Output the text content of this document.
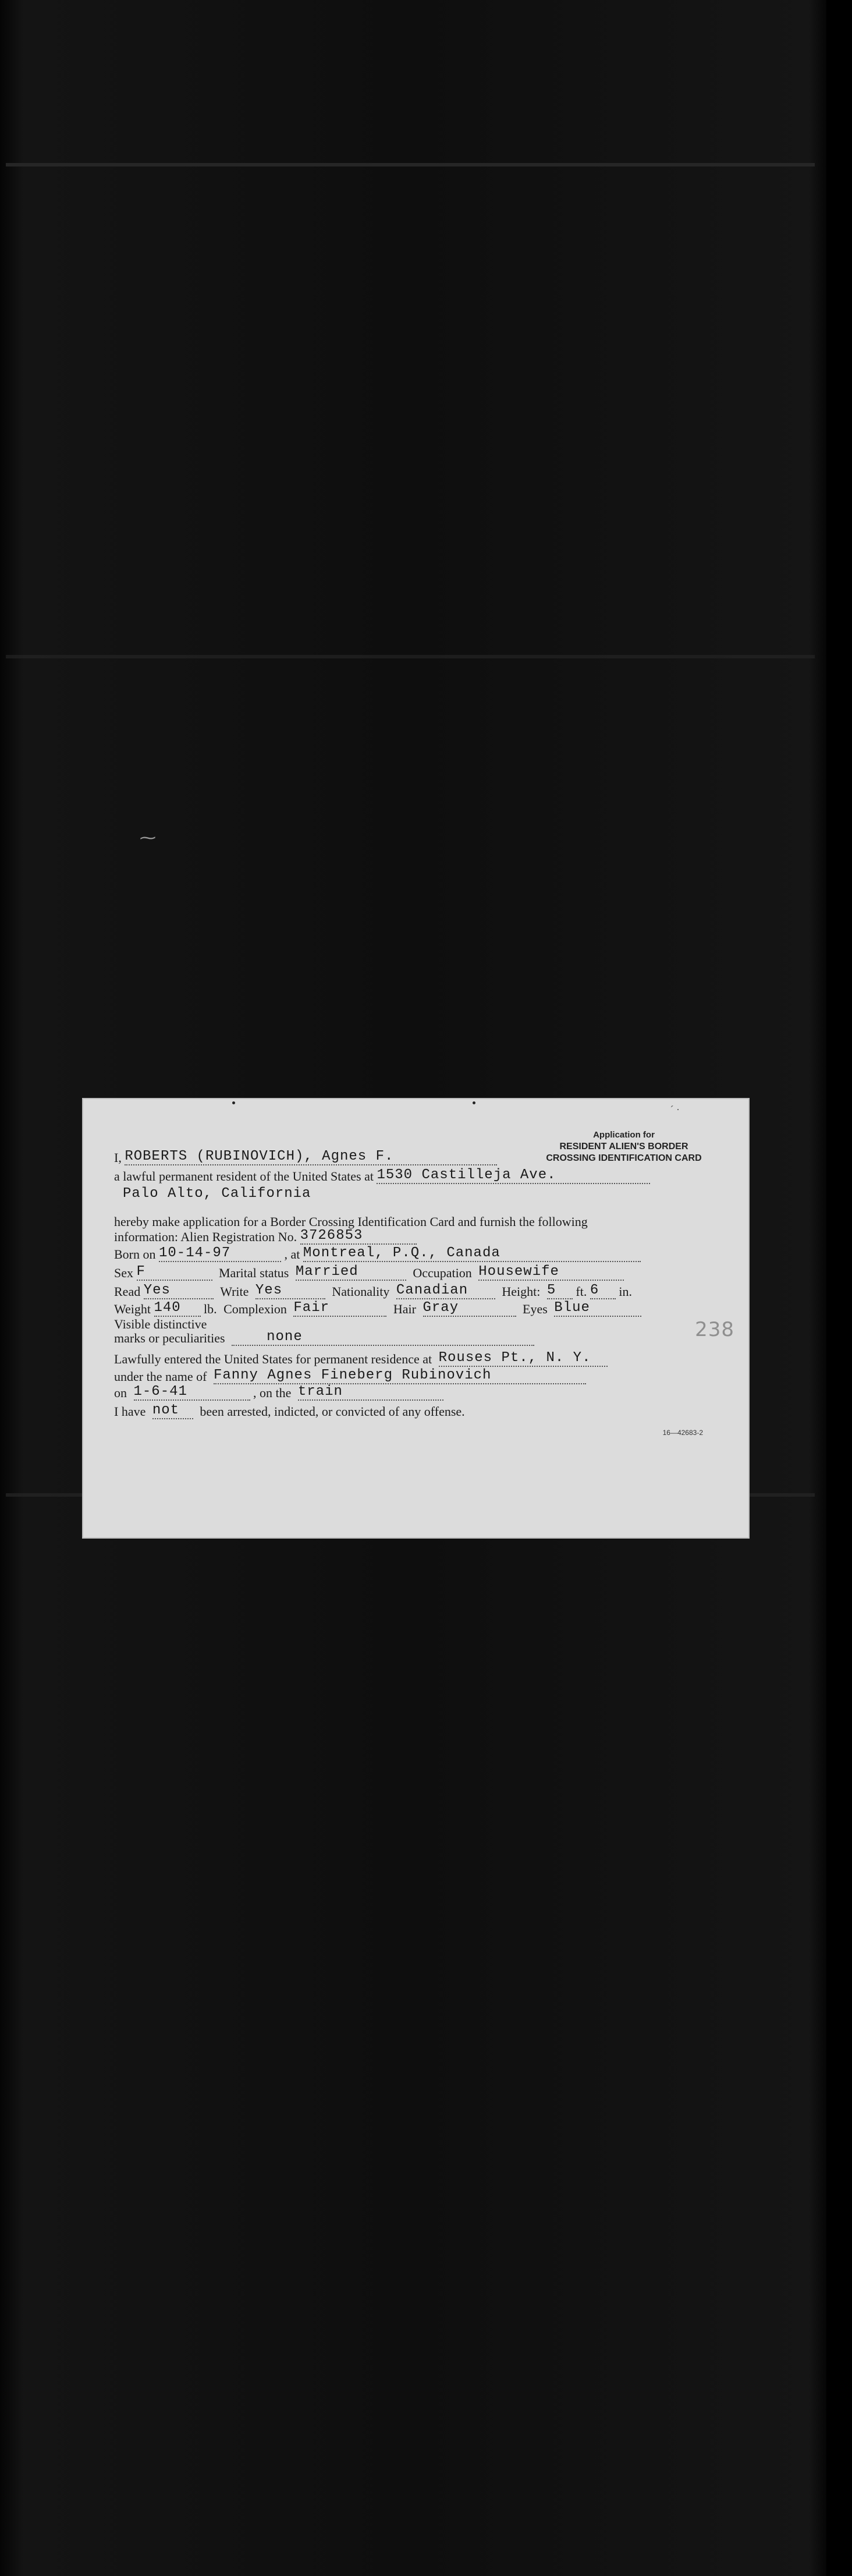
⁓
ˊ ·
Application for
RESIDENT ALIEN'S BORDER
CROSSING IDENTIFICATION CARD
I, ROBERTS (RUBINOVICH), Agnes F.
a lawful permanent resident of the United States at 1530 Castilleja Ave.
Palo Alto, California
hereby make application for a Border Crossing Identification Card and furnish the following
information: Alien Registration No. 3726853
Born on 10-14-97	, at Montreal, P.Q., Canada
Sex F	Marital status Married	Occupation Housewife
Read Yes	Write Yes	Nationality Canadian	Height: 5 ft. 6 in.
Weight 140 lb. Complexion Fair	Hair Gray	Eyes Blue
238
Visible distinctive
marks or peculiarities	none
Lawfully entered the United States for permanent residence at Rouses Pt., N. Y.
under the name of Fanny Agnes Fineberg Rubinovich
on 1-6-41	, on the train
I have not been arrested, indicted, or convicted of any offense.
16—42683-2
